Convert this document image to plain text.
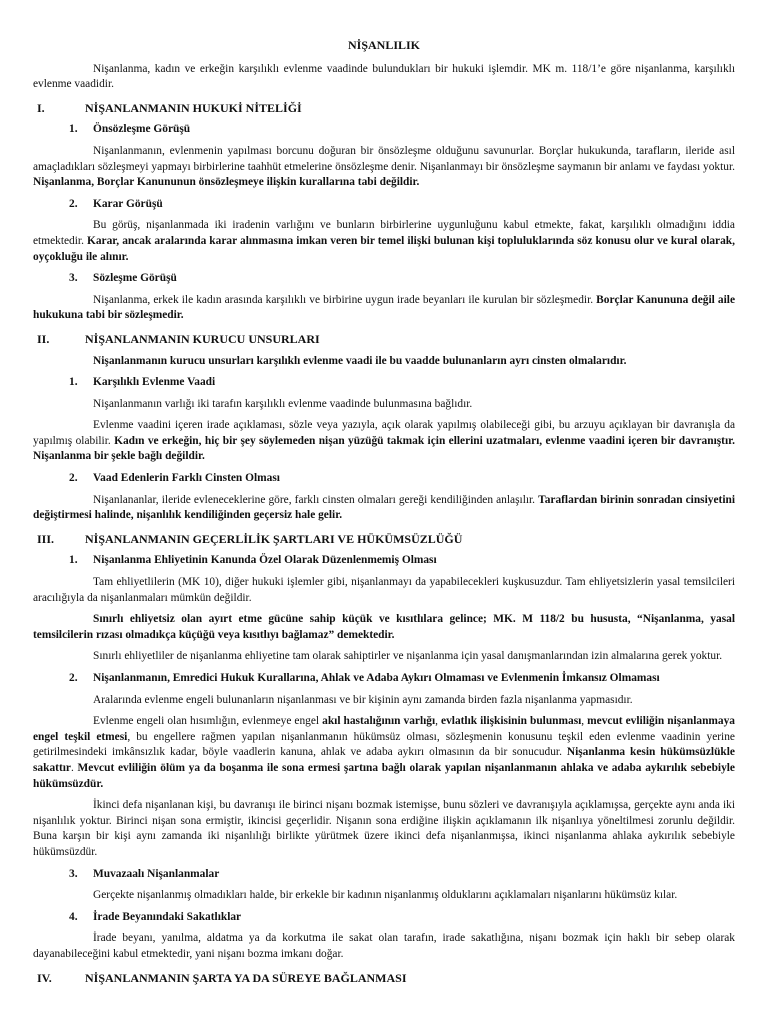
NİŞANLILIK

Nişanlanma, kadın ve erkeğin karşılıklı evlenme vaadinde bulundukları bir hukuki işlemdir. MK m. 118/1’e göre nişanlanma, karşılıklı evlenme vaadidir.

I.	NİŞANLANMANIN HUKUKİ NİTELİĞİ
1.	Önsözleşme Görüşü

Nişanlanmanın, evlenmenin yapılması borcunu doğuran bir önsözleşme olduğunu savunurlar. Borçlar hukukunda, tarafların, ileride asıl amaçladıkları sözleşmeyi yapmayı birbirlerine taahhüt etmelerine önsözleşme denir. Nişanlanmayı bir önsözleşme saymanın bir anlamı ve faydası yoktur. Nişanlanma, Borçlar Kanununun önsözleşmeye ilişkin kurallarına tabi değildir.

2.	Karar Görüşü

Bu görüş, nişanlanmada iki iradenin varlığını ve bunların birbirlerine uygunluğunu kabul etmekte, fakat, karşılıklı olmadığını iddia etmektedir. Karar, ancak aralarında karar alınmasına imkan veren bir temel ilişki bulunan kişi topluluklarında söz konusu olur ve kural olarak, oyçokluğu ile alınır.

3.	Sözleşme Görüşü

Nişanlanma, erkek ile kadın arasında karşılıklı ve birbirine uygun irade beyanları ile kurulan bir sözleşmedir. Borçlar Kanununa değil aile hukukuna tabi bir sözleşmedir.

II.	NİŞANLANMANIN KURUCU UNSURLARI

Nişanlanmanın kurucu unsurları karşılıklı evlenme vaadi ile bu vaadde bulunanların ayrı cinsten olmalarıdır.

1.	Karşılıklı Evlenme Vaadi

Nişanlanmanın varlığı iki tarafın karşılıklı evlenme vaadinde bulunmasına bağlıdır.

Evlenme vaadini içeren irade açıklaması, sözle veya yazıyla, açık olarak yapılmış olabileceği gibi, bu arzuyu açıklayan bir davranışla da yapılmış olabilir. Kadın ve erkeğin, hiç bir şey söylemeden nişan yüzüğü takmak için ellerini uzatmaları, evlenme vaadini içeren bir davranıştır. Nişanlanma bir şekle bağlı değildir.

2.	Vaad Edenlerin Farklı Cinsten Olması

Nişanlananlar, ileride evleneceklerine göre, farklı cinsten olmaları gereği kendiliğinden anlaşılır. Taraflardan birinin sonradan cinsiyetini değiştirmesi halinde, nişanlılık kendiliğinden geçersiz hale gelir.

III.	NİŞANLANMANIN GEÇERLİLİK ŞARTLARI VE HÜKÜMSÜZLÜĞÜ
1.	Nişanlanma Ehliyetinin Kanunda Özel Olarak Düzenlenmemiş Olması

Tam ehliyetlilerin (MK 10), diğer hukuki işlemler gibi, nişanlanmayı da yapabilecekleri kuşkusuzdur. Tam ehliyetsizlerin yasal temsilcileri aracılığıyla da nişanlanmaları mümkün değildir.

Sınırlı ehliyetsiz olan ayırt etme gücüne sahip küçük ve kısıtlılara gelince; MK. M 118/2 bu hususta, “Nişanlanma, yasal temsilcilerin rızası olmadıkça küçüğü veya kısıtlıyı bağlamaz” demektedir.

Sınırlı ehliyetliler de nişanlanma ehliyetine tam olarak sahiptirler ve nişanlanma için yasal danışmanlarından izin almalarına gerek yoktur.

2.	Nişanlanmanın, Emredici Hukuk Kurallarına, Ahlak ve Adaba Aykırı Olmaması ve Evlenmenin İmkansız Olmaması

Aralarında evlenme engeli bulunanların nişanlanması ve bir kişinin aynı zamanda birden fazla nişanlanma yapmasıdır.

Evlenme engeli olan hısımlığın, evlenmeye engel akıl hastalığının varlığı, evlatlık ilişkisinin bulunması, mevcut evliliğin nişanlanmaya engel teşkil etmesi, bu engellere rağmen yapılan nişanlanmanın hükümsüz olması, sözleşmenin konusunu teşkil eden evlenme vaadinin yerine getirilmesindeki imkânsızlık kadar, böyle vaadlerin kanuna, ahlak ve adaba aykırı olmasının da bir sonucudur. Nişanlanma kesin hükümsüzlükle sakattır. Mevcut evliliğin ölüm ya da boşanma ile sona ermesi şartına bağlı olarak yapılan nişanlanmanın ahlaka ve adaba aykırılık sebebiyle hükümsüzdür.

İkinci defa nişanlanan kişi, bu davranışı ile birinci nişanı bozmak istemişse, bunu sözleri ve davranışıyla açıklamışsa, gerçekte aynı anda iki nişanlılık yoktur. Birinci nişan sona ermiştir, ikincisi geçerlidir. Nişanın sona erdiğine ilişkin açıklamanın ilk nişanlıya yöneltilmesi zorunlu değildir. Buna karşın bir kişi aynı zamanda iki nişanlılığı birlikte yürütmek üzere ikinci defa nişanlanmışsa, ikinci nişanlanma ahlaka aykırılık sebebiyle hükümsüzdür.

3.	Muvazaalı Nişanlanmalar

Gerçekte nişanlanmış olmadıkları halde, bir erkekle bir kadının nişanlanmış olduklarını açıklamaları nişanlarını hükümsüz kılar.

4.	İrade Beyanındaki Sakatlıklar

İrade beyanı, yanılma, aldatma ya da korkutma ile sakat olan tarafın, irade sakatlığına, nişanı bozmak için haklı bir sebep olarak dayanabileceğini kabul etmektedir, yani nişanı bozma imkanı doğar.

IV.	NİŞANLANMANIN ŞARTA YA DA SÜREYE BAĞLANMASI
